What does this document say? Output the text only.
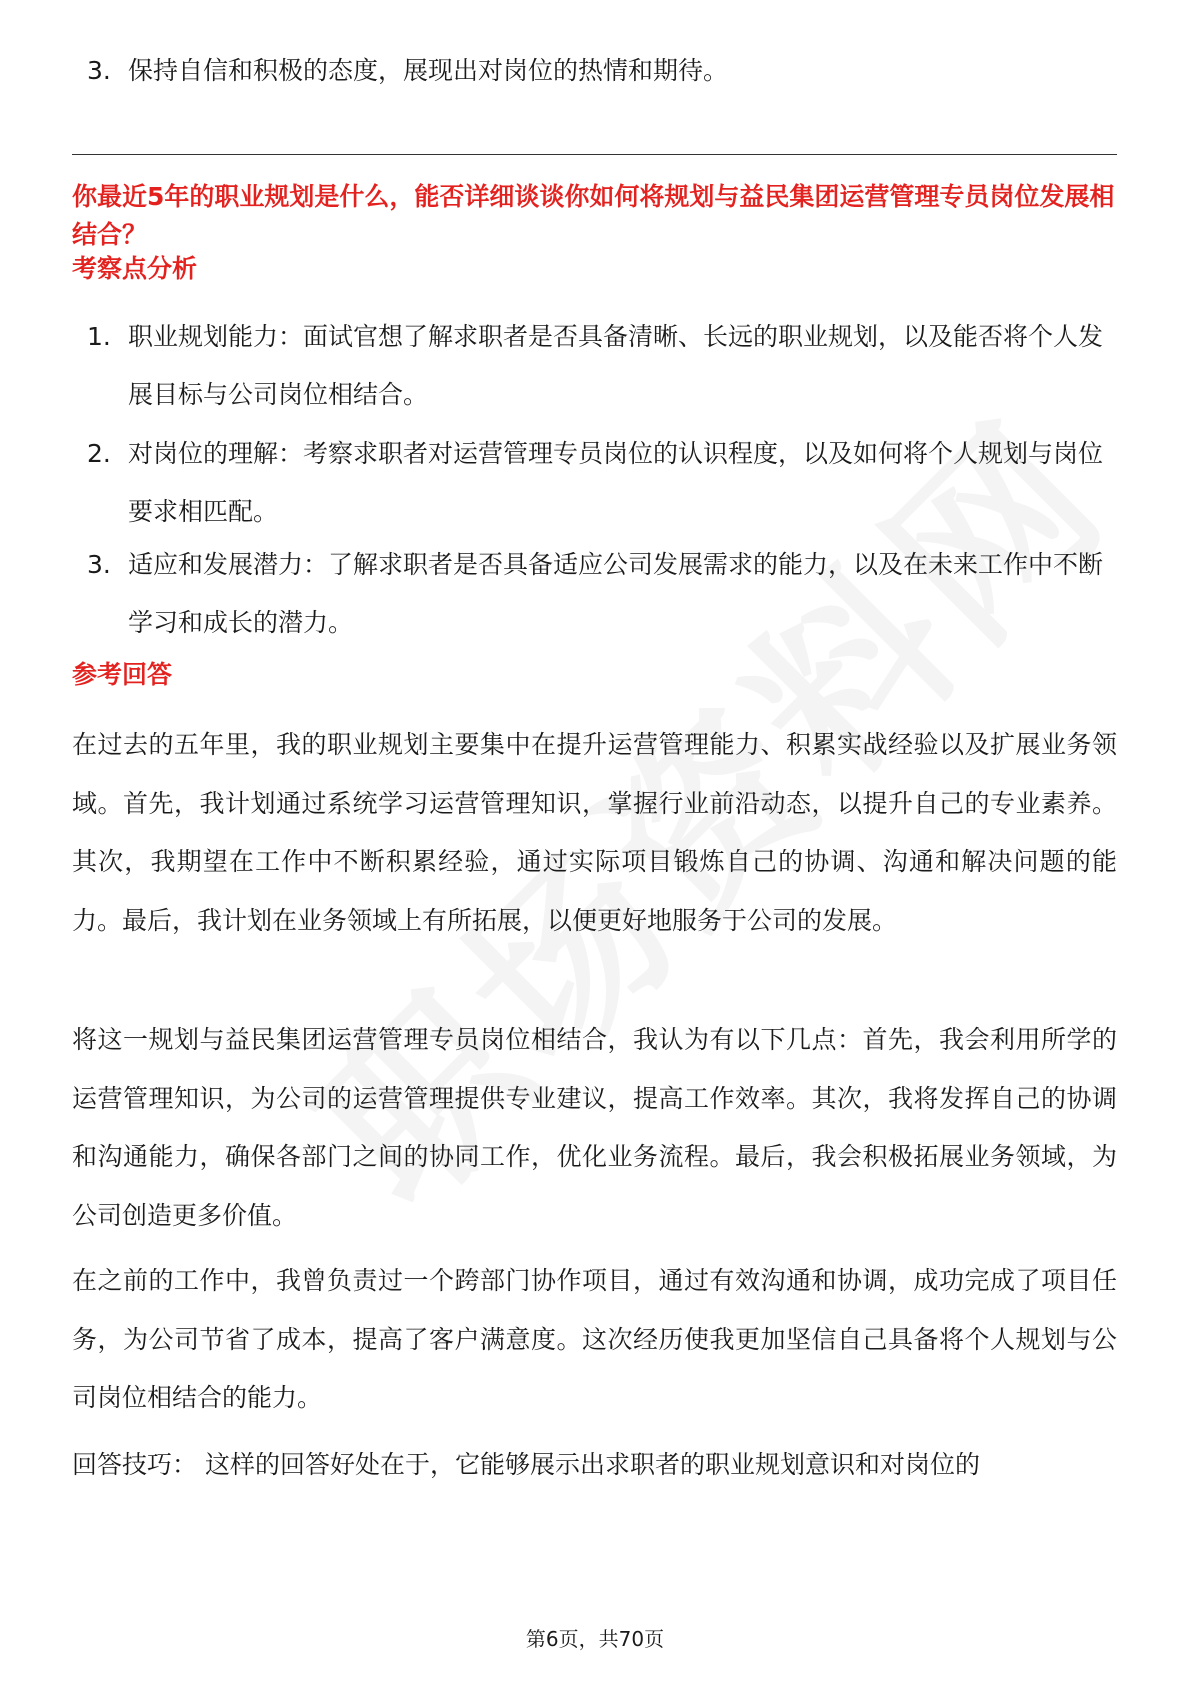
3. 保持自信和积极的态度，展现出对岗位的热情和期待。
你最近5年的职业规划是什么，能否详细谈谈你如何将规划与益民集团运营管理专员岗位发展相结合？
考察点分析
1. 职业规划能力：面试官想了解求职者是否具备清晰、长远的职业规划，以及能否将个人发展目标与公司岗位相结合。
2. 对岗位的理解：考察求职者对运营管理专员岗位的认识程度，以及如何将个人规划与岗位要求相匹配。
3. 适应和发展潜力：了解求职者是否具备适应公司发展需求的能力，以及在未来工作中不断学习和成长的潜力。
参考回答
在过去的五年里，我的职业规划主要集中在提升运营管理能力、积累实战经验以及扩展业务领域。首先，我计划通过系统学习运营管理知识，掌握行业前沿动态，以提升自己的专业素养。其次，我期望在工作中不断积累经验，通过实际项目锻炼自己的协调、沟通和解决问题的能力。最后，我计划在业务领域上有所拓展，以便更好地服务于公司的发展。
将这一规划与益民集团运营管理专员岗位相结合，我认为有以下几点：首先，我会利用所学的运营管理知识，为公司的运营管理提供专业建议，提高工作效率。其次，我将发挥自己的协调和沟通能力，确保各部门之间的协同工作，优化业务流程。最后，我会积极拓展业务领域，为公司创造更多价值。
在之前的工作中，我曾负责过一个跨部门协作项目，通过有效沟通和协调，成功完成了项目任务，为公司节省了成本，提高了客户满意度。这次经历使我更加坚信自己具备将个人规划与公司岗位相结合的能力。
回答技巧： 这样的回答好处在于，它能够展示出求职者的职业规划意识和对岗位的
第6页，共70页
